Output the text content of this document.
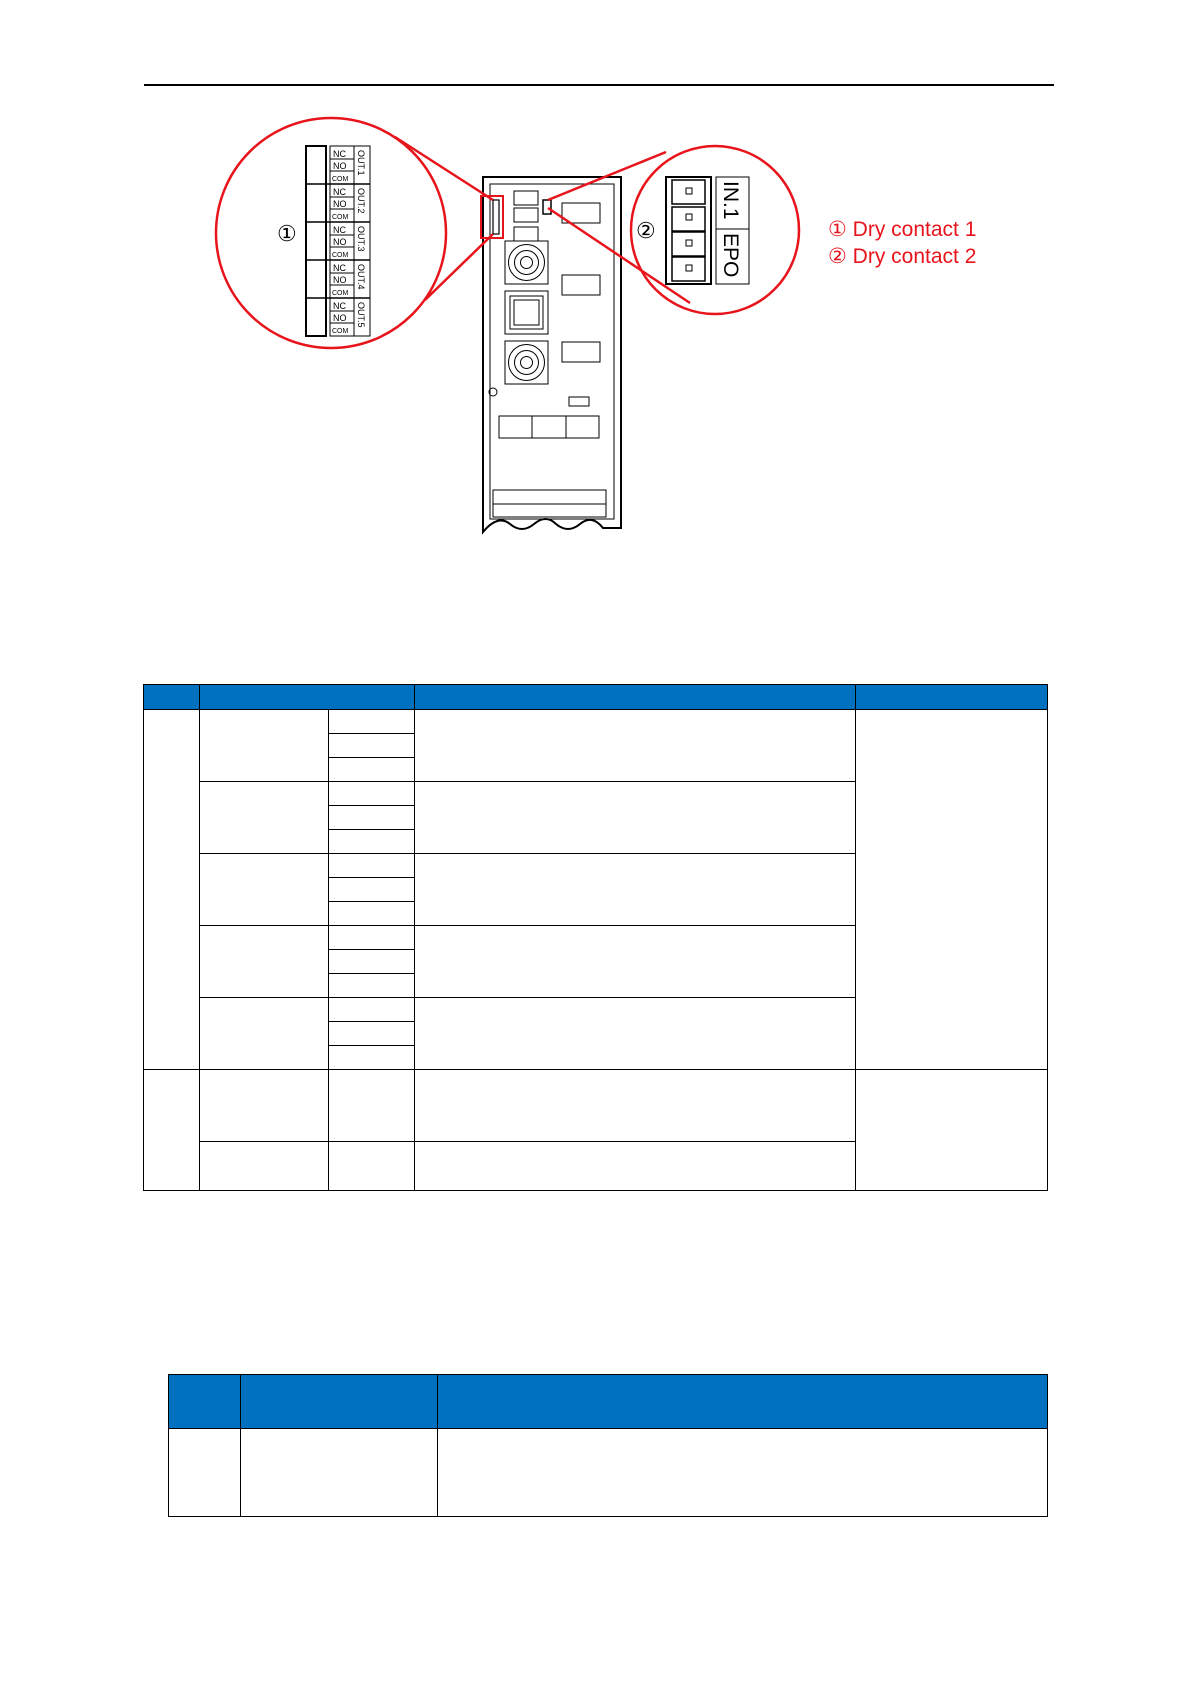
①
NC
NO
COM
OUT.1
NC
NO
COM
OUT.2
NC
NO
COM
OUT.3
NC
NO
COM
OUT.4
NC
NO
COM
OUT.5
②
IN.1
EPO
① Dry contact 1
② Dry contact 2
